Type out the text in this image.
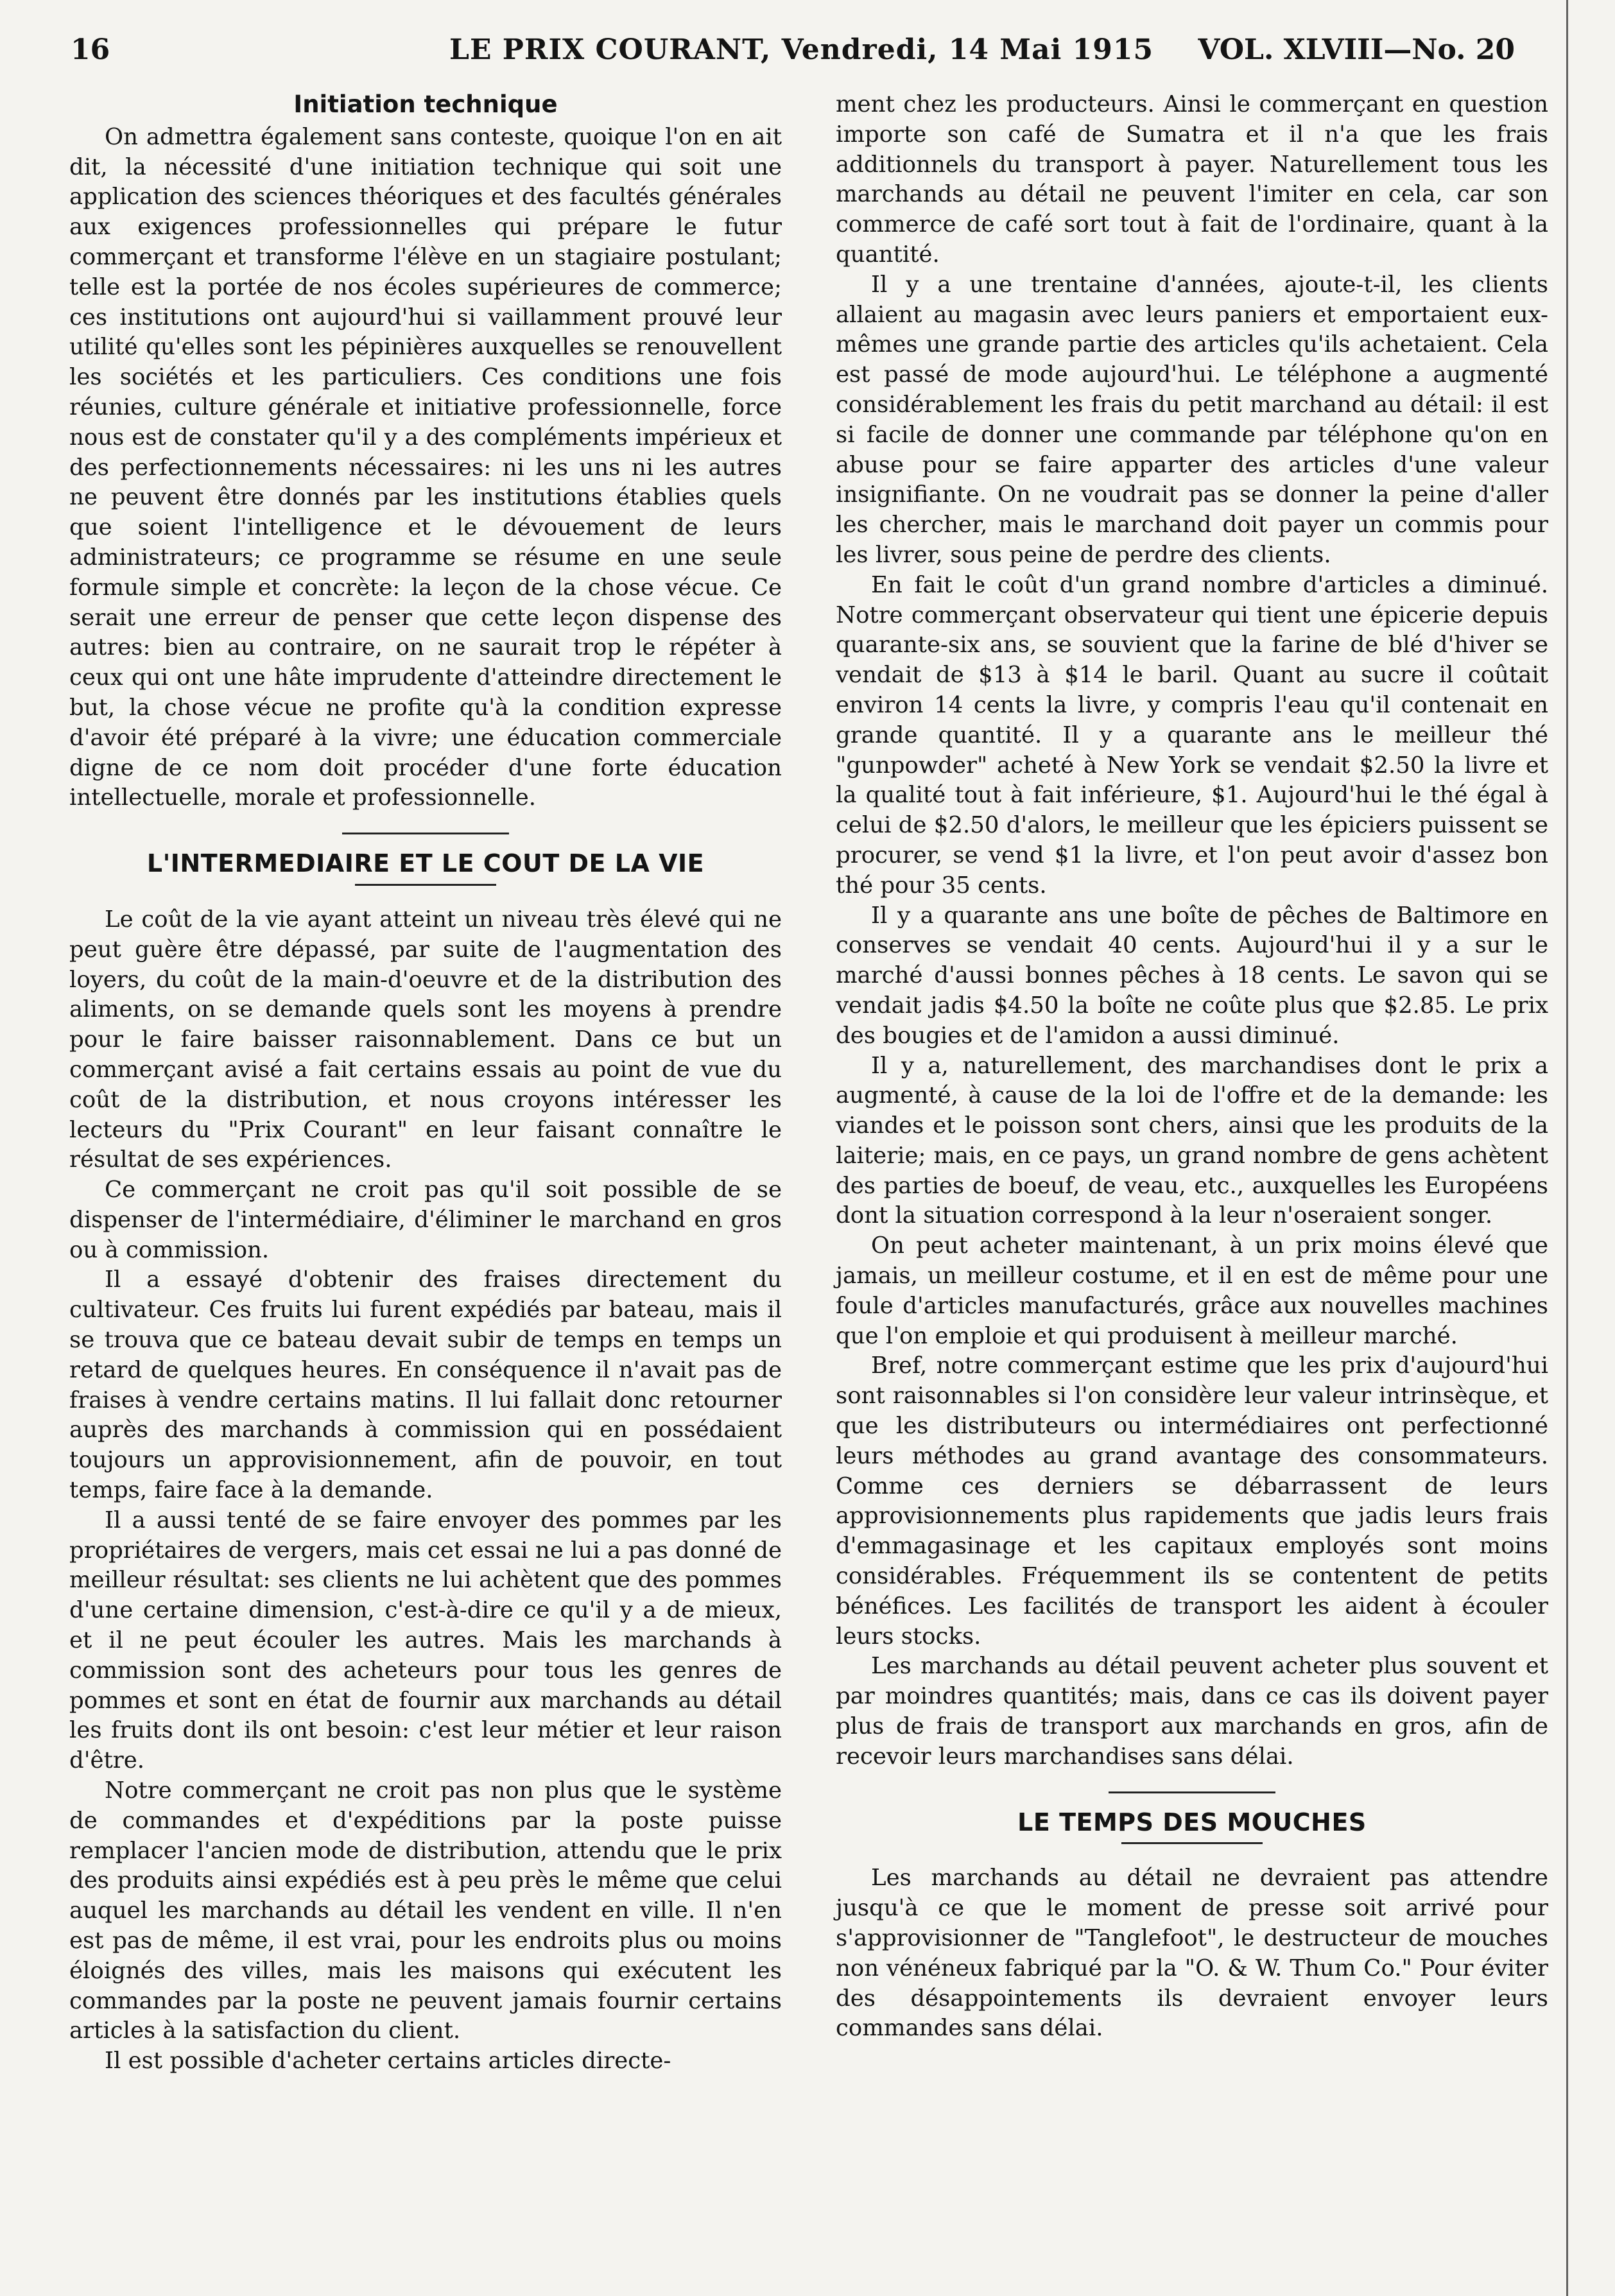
16	LE PRIX COURANT, Vendredi, 14 Mai 1915 VOL. XLVIII—No. 20
Initiation technique

On admettra également sans conteste, quoique l'on en ait dit, la nécessité d'une initiation technique qui soit une application des sciences théoriques et des facultés générales aux exigences professionnelles qui prépare le futur commerçant et transforme l'élève en un stagiaire postulant; telle est la portée de nos écoles supérieures de commerce; ces institutions ont aujourd'hui si vaillamment prouvé leur utilité qu'elles sont les pépinières auxquelles se renouvellent les sociétés et les particuliers. Ces conditions une fois réunies, culture générale et initiative professionnelle, force nous est de constater qu'il y a des compléments impérieux et des perfectionnements nécessaires: ni les uns ni les autres ne peuvent être donnés par les institutions établies quels que soient l'intelligence et le dévouement de leurs administrateurs; ce programme se résume en une seule formule simple et concrète: la leçon de la chose vécue. Ce serait une erreur de penser que cette leçon dispense des autres: bien au contraire, on ne saurait trop le répéter à ceux qui ont une hâte imprudente d'atteindre directement le but, la chose vécue ne profite qu'à la condition expresse d'avoir été préparé à la vivre; une éducation commerciale digne de ce nom doit procéder d'une forte éducation intellectuelle, morale et professionnelle.

L'INTERMEDIAIRE ET LE COUT DE LA VIE

Le coût de la vie ayant atteint un niveau très élevé qui ne peut guère être dépassé, par suite de l'augmentation des loyers, du coût de la main-d'oeuvre et de la distribution des aliments, on se demande quels sont les moyens à prendre pour le faire baisser raisonnablement. Dans ce but un commerçant avisé a fait certains essais au point de vue du coût de la distribution, et nous croyons intéresser les lecteurs du "Prix Courant" en leur faisant connaître le résultat de ses expériences.

Ce commerçant ne croit pas qu'il soit possible de se dispenser de l'intermédiaire, d'éliminer le marchand en gros ou à commission.

Il a essayé d'obtenir des fraises directement du cultivateur. Ces fruits lui furent expédiés par bateau, mais il se trouva que ce bateau devait subir de temps en temps un retard de quelques heures. En conséquence il n'avait pas de fraises à vendre certains matins. Il lui fallait donc retourner auprès des marchands à commission qui en possédaient toujours un approvisionnement, afin de pouvoir, en tout temps, faire face à la demande.

Il a aussi tenté de se faire envoyer des pommes par les propriétaires de vergers, mais cet essai ne lui a pas donné de meilleur résultat: ses clients ne lui achètent que des pommes d'une certaine dimension, c'est-à-dire ce qu'il y a de mieux, et il ne peut écouler les autres. Mais les marchands à commission sont des acheteurs pour tous les genres de pommes et sont en état de fournir aux marchands au détail les fruits dont ils ont besoin: c'est leur métier et leur raison d'être.

Notre commerçant ne croit pas non plus que le système de commandes et d'expéditions par la poste puisse remplacer l'ancien mode de distribution, attendu que le prix des produits ainsi expédiés est à peu près le même que celui auquel les marchands au détail les vendent en ville. Il n'en est pas de même, il est vrai, pour les endroits plus ou moins éloignés des villes, mais les maisons qui exécutent les commandes par la poste ne peuvent jamais fournir certains articles à la satisfaction du client.

Il est possible d'acheter certains articles directe-

ment chez les producteurs. Ainsi le commerçant en question importe son café de Sumatra et il n'a que les frais additionnels du transport à payer. Naturellement tous les marchands au détail ne peuvent l'imiter en cela, car son commerce de café sort tout à fait de l'ordinaire, quant à la quantité.

Il y a une trentaine d'années, ajoute-t-il, les clients allaient au magasin avec leurs paniers et emportaient eux-mêmes une grande partie des articles qu'ils achetaient. Cela est passé de mode aujourd'hui. Le téléphone a augmenté considérablement les frais du petit marchand au détail: il est si facile de donner une commande par téléphone qu'on en abuse pour se faire apparter des articles d'une valeur insignifiante. On ne voudrait pas se donner la peine d'aller les chercher, mais le marchand doit payer un commis pour les livrer, sous peine de perdre des clients.

En fait le coût d'un grand nombre d'articles a diminué. Notre commerçant observateur qui tient une épicerie depuis quarante-six ans, se souvient que la farine de blé d'hiver se vendait de $13 à $14 le baril. Quant au sucre il coûtait environ 14 cents la livre, y compris l'eau qu'il contenait en grande quantité. Il y a quarante ans le meilleur thé "gunpowder" acheté à New York se vendait $2.50 la livre et la qualité tout à fait inférieure, $1. Aujourd'hui le thé égal à celui de $2.50 d'alors, le meilleur que les épiciers puissent se procurer, se vend $1 la livre, et l'on peut avoir d'assez bon thé pour 35 cents.

Il y a quarante ans une boîte de pêches de Baltimore en conserves se vendait 40 cents. Aujourd'hui il y a sur le marché d'aussi bonnes pêches à 18 cents. Le savon qui se vendait jadis $4.50 la boîte ne coûte plus que $2.85. Le prix des bougies et de l'amidon a aussi diminué.

Il y a, naturellement, des marchandises dont le prix a augmenté, à cause de la loi de l'offre et de la demande: les viandes et le poisson sont chers, ainsi que les produits de la laiterie; mais, en ce pays, un grand nombre de gens achètent des parties de boeuf, de veau, etc., auxquelles les Européens dont la situation correspond à la leur n'oseraient songer.

On peut acheter maintenant, à un prix moins élevé que jamais, un meilleur costume, et il en est de même pour une foule d'articles manufacturés, grâce aux nouvelles machines que l'on emploie et qui produisent à meilleur marché.

Bref, notre commerçant estime que les prix d'aujourd'hui sont raisonnables si l'on considère leur valeur intrinsèque, et que les distributeurs ou intermédiaires ont perfectionné leurs méthodes au grand avantage des consommateurs. Comme ces derniers se débarrassent de leurs approvisionnements plus rapidements que jadis leurs frais d'emmagasinage et les capitaux employés sont moins considérables. Fréquemment ils se contentent de petits bénéfices. Les facilités de transport les aident à écouler leurs stocks.

Les marchands au détail peuvent acheter plus souvent et par moindres quantités; mais, dans ce cas ils doivent payer plus de frais de transport aux marchands en gros, afin de recevoir leurs marchandises sans délai.

LE TEMPS DES MOUCHES

Les marchands au détail ne devraient pas attendre jusqu'à ce que le moment de presse soit arrivé pour s'approvisionner de "Tanglefoot", le destructeur de mouches non vénéneux fabriqué par la "O. & W. Thum Co." Pour éviter des désappointements ils devraient envoyer leurs commandes sans délai.
